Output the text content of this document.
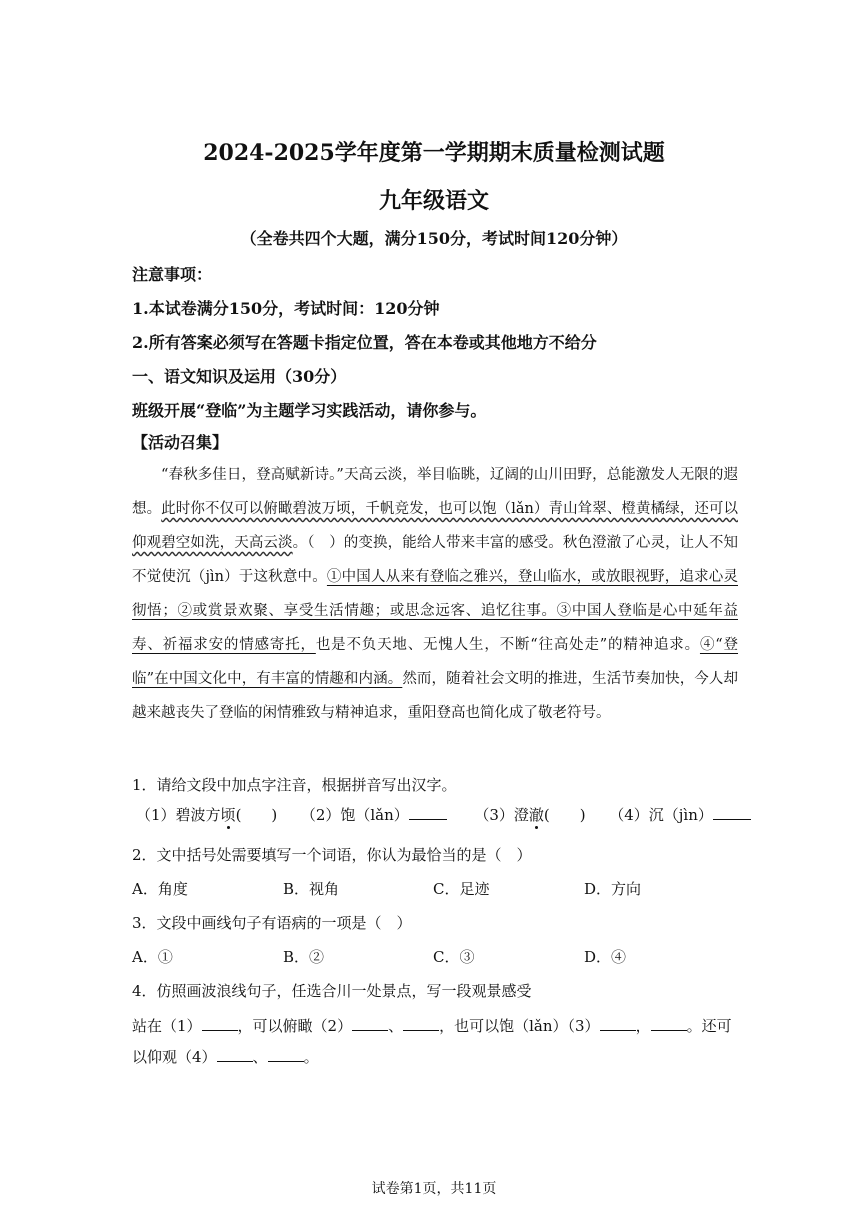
2024-2025学年度第一学期期末质量检测试题
九年级语文
（全卷共四个大题，满分150分，考试时间120分钟）
注意事项：
1.本试卷满分150分，考试时间：120分钟
2.所有答案必须写在答题卡指定位置，答在本卷或其他地方不给分
一、语文知识及运用（30分）
班级开展“登临”为主题学习实践活动，请你参与。
【活动召集】

“春秋多佳日，登高赋新诗。”天高云淡，举目临眺，辽阔的山川田野，总能激发人无限的遐想。此时你不仅可以俯瞰碧波万顷，千帆竞发，也可以饱（lǎn）青山耸翠、橙黄橘绿，还可以仰观碧空如洗，天高云淡。（　）的变换，能给人带来丰富的感受。秋色澄澈了心灵，让人不知不觉使沉（jìn）于这秋意中。①中国人从来有登临之雅兴，登山临水，或放眼视野，追求心灵彻悟；②或赏景欢聚、享受生活情趣；或思念远客、追忆往事。③中国人登临是心中延年益寿、祈福求安的情感寄托，也是不负天地、无愧人生，不断“往高处走”的精神追求。④“登临”在中国文化中，有丰富的情趣和内涵。然而，随着社会文明的推进，生活节奏加快，今人却越来越丧失了登临的闲情雅致与精神追求，重阳登高也简化成了敬老符号。

1．请给文段中加点字注音，根据拼音写出汉字。
（1）碧波方顷(　　) （2）饱（lǎn）	（3）澄澈(　　) （4）沉（jìn）
2．文中括号处需要填写一个词语，你认为最恰当的是（　）
A．角度	B．视角	C．足迹	D．方向
3．文段中画线句子有语病的一项是（　）
A．①	B．②	C．③	D．④
4．仿照画波浪线句子，任选合川一处景点，写一段观景感受
站在（1） ，可以俯瞰（2） 、 ，也可以饱（lǎn）（3） ， 。还可
以仰观（4） 、 。
试卷第1页，共11页
